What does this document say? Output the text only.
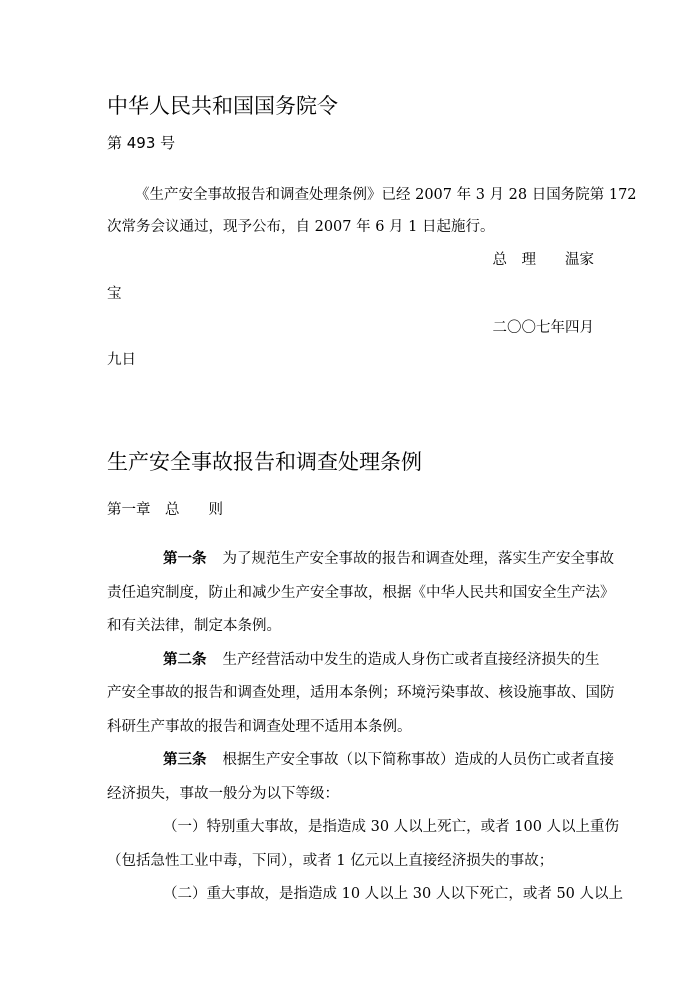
中华人民共和国国务院令
第 493 号
《生产安全事故报告和调查处理条例》已经 2007 年 3 月 28 日国务院第 172
次常务会议通过，现予公布，自 2007 年 6 月 1 日起施行。
总　理　　温家
宝
二〇〇七年四月
九日
生产安全事故报告和调查处理条例
第一章　总　　则
第一条 为了规范生产安全事故的报告和调查处理，落实生产安全事故
责任追究制度，防止和减少生产安全事故，根据《中华人民共和国安全生产法》
和有关法律，制定本条例。
第二条 生产经营活动中发生的造成人身伤亡或者直接经济损失的生
产安全事故的报告和调查处理，适用本条例；环境污染事故、核设施事故、国防
科研生产事故的报告和调查处理不适用本条例。
第三条 根据生产安全事故（以下简称事故）造成的人员伤亡或者直接
经济损失，事故一般分为以下等级：
（一）特别重大事故，是指造成 30 人以上死亡，或者 100 人以上重伤
（包括急性工业中毒，下同），或者 1 亿元以上直接经济损失的事故；
（二）重大事故，是指造成 10 人以上 30 人以下死亡，或者 50 人以上
